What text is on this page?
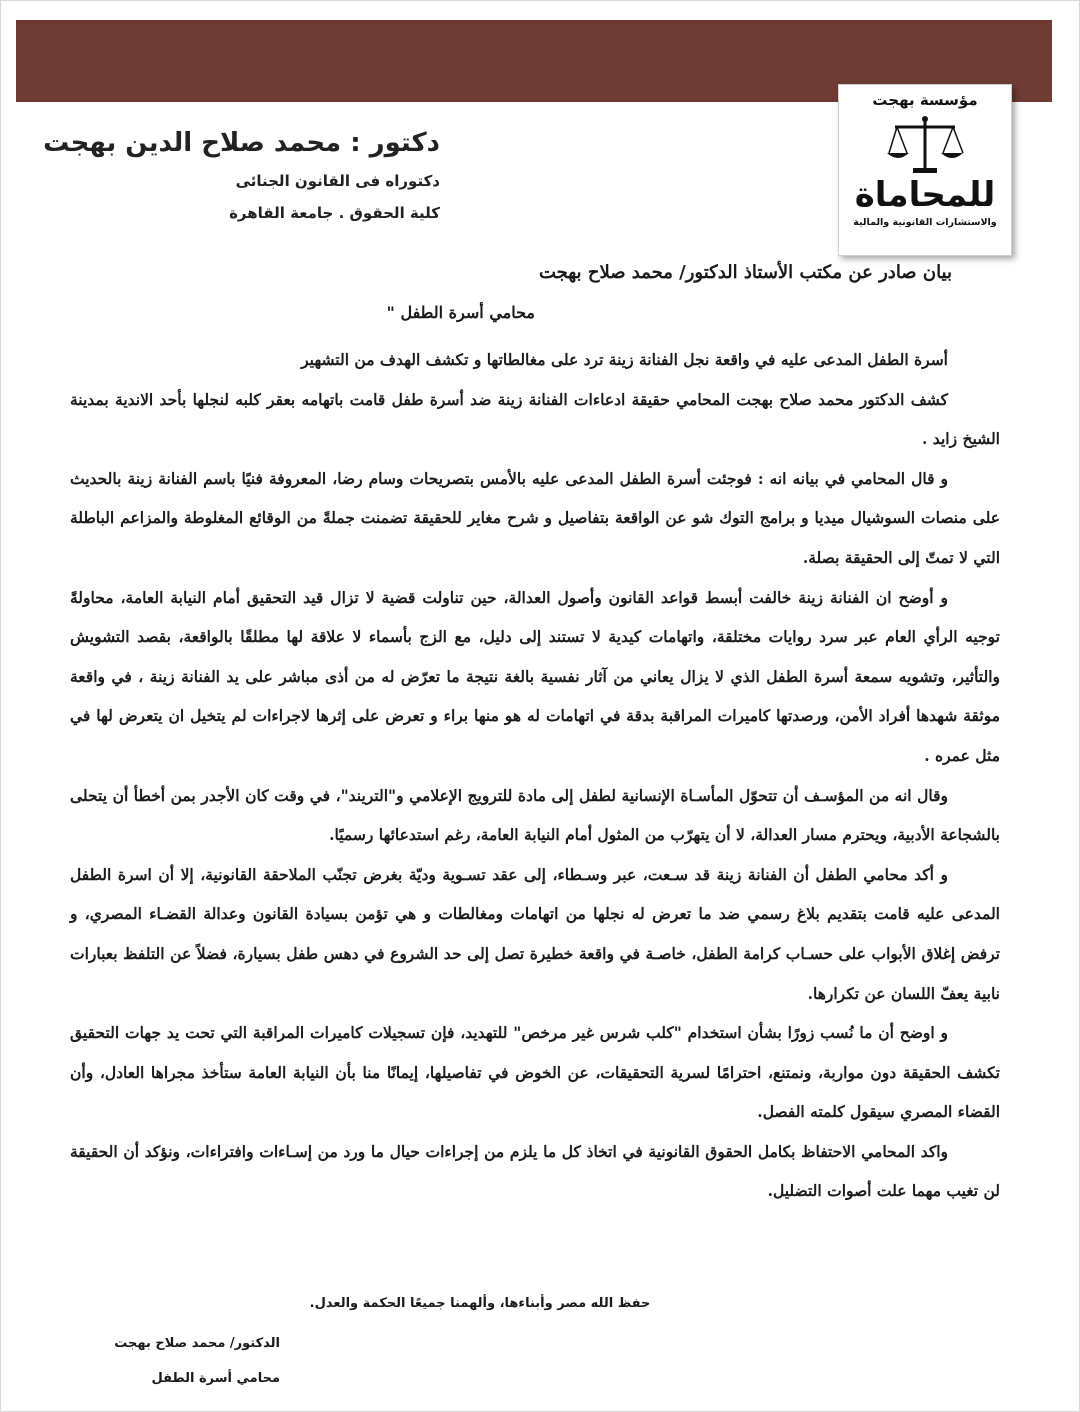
مؤسسة بهجت
للمحاماة
والاستشارات القانونية والمالية
دكتور : محمد صلاح الدين بهجت
دكتوراه فى القانون الجنائى
كلية الحقوق . جامعة القاهرة
بيان صادر عن مكتب الأستاذ الدكتور/ محمد صلاح بهجت
محامي أسرة الطفل "

أسرة الطفل المدعى عليه في واقعة نجل الفنانة زينة ترد على مغالطاتها و تكشف الهدف من التشهير

كشف الدكتور محمد صلاح بهجت المحامي حقيقة ادعاءات الفنانة زينة ضد أسرة طفل قامت باتهامه بعقر كلبه لنجلها بأحد الاندية بمدينة الشيخ زايد .

و قال المحامي في بيانه انه : فوجئت أسرة الطفل المدعى عليه بالأمس بتصريحات وسام رضا، المعروفة فنيًا باسم الفنانة زينة بالحديث على منصات السوشيال ميديا و برامج التوك شو عن الواقعة بتفاصيل و شرح مغاير للحقيقة تضمنت جملةً من الوقائع المغلوطة والمزاعم الباطلة التي لا تمتّ إلى الحقيقة بصلة.

و أوضح ان الفنانة زينة خالفت أبسط قواعد القانون وأصول العدالة، حين تناولت قضية لا تزال قيد التحقيق أمام النيابة العامة، محاولةً توجيه الرأي العام عبر سرد روايات مختلقة، واتهامات كيدية لا تستند إلى دليل، مع الزج بأسماء لا علاقة لها مطلقًا بالواقعة، بقصد التشويش والتأثير، وتشويه سمعة أسرة الطفل الذي لا يزال يعاني من آثار نفسية بالغة نتيجة ما تعرّض له من أذى مباشر على يد الفنانة زينة ، في واقعة موثقة شهدها أفراد الأمن، ورصدتها كاميرات المراقبة بدقة في اتهامات له هو منها براء و تعرض على إثرها لاجراءات لم يتخيل ان يتعرض لها في مثل عمره .

وقال انه من المؤسـف أن تتحوّل المأسـاة الإنسانية لطفل إلى مادة للترويج الإعلامي و"التريند"، في وقت كان الأجدر بمن أخطأ أن يتحلى بالشجاعة الأدبية، ويحترم مسار العدالة، لا أن يتهرّب من المثول أمام النيابة العامة، رغم استدعائها رسميًا.

و أكد محامي الطفل أن الفنانة زينة قد سـعت، عبر وسـطاء، إلى عقد تسـوية وديّة بغرض تجنّب الملاحقة القانونية، إلا أن اسرة الطفل المدعى عليه قامت بتقديم بلاغ رسمي ضد ما تعرض له نجلها من اتهامات ومغالطات و هي تؤمن بسيادة القانون وعدالة القضـاء المصري، و ترفض إغلاق الأبواب على حسـاب كرامة الطفل، خاصـة في واقعة خطيرة تصل إلى حد الشروع في دهس طفل بسيارة، فضلاً عن التلفظ بعبارات نابية يعفّ اللسان عن تكرارها.

و اوضح أن ما نُسب زورًا بشأن استخدام "كلب شرس غير مرخص" للتهديد، فإن تسجيلات كاميرات المراقبة التي تحت يد جهات التحقيق تكشف الحقيقة دون مواربة، ونمتنع، احترامًا لسرية التحقيقات، عن الخوض في تفاصيلها، إيمانًا منا بأن النيابة العامة ستأخذ مجراها العادل، وأن القضاء المصري سيقول كلمته الفصل.

واكد المحامي الاحتفاظ بكامل الحقوق القانونية في اتخاذ كل ما يلزم من إجراءات حيال ما ورد من إسـاءات وافتراءات، ونؤكد أن الحقيقة لن تغيب مهما علت أصوات التضليل.

حفظ الله مصر وأبناءها، وألهمنا جميعًا الحكمة والعدل.
الدكتور/ محمد صلاح بهجت
محامي أسرة الطفل
